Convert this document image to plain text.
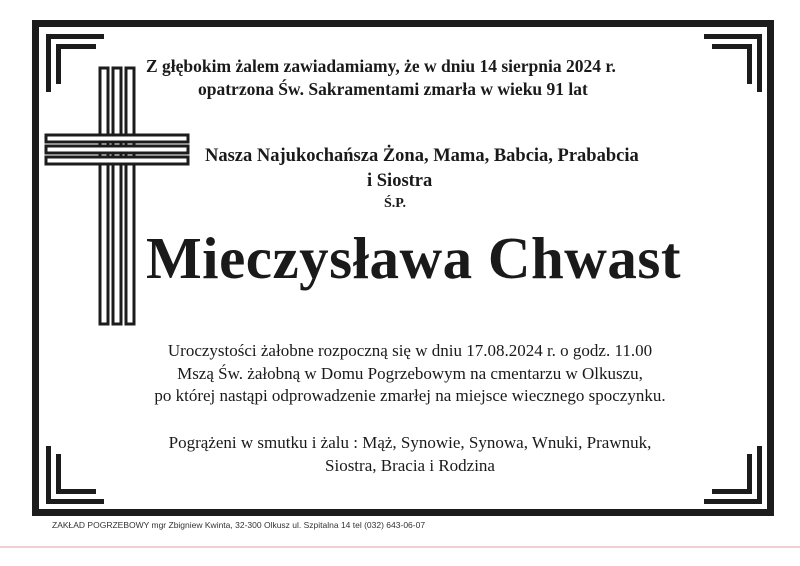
Z głębokim żalem zawiadamiamy, że w dniu 14 sierpnia 2024 r.

opatrzona Św. Sakramentami zmarła w wieku 91 lat

Nasza Najukochańsza Żona, Mama, Babcia, Prababcia

i Siostra

Ś.P.

Mieczysława Chwast
Uroczystości żałobne rozpoczną się w dniu 17.08.2024 r. o godz. 11.00
Mszą Św. żałobną w Domu Pogrzebowym na cmentarzu w Olkuszu,
po której nastąpi odprowadzenie zmarłej na miejsce wiecznego spoczynku.
Pogrążeni w smutku i żalu : Mąż, Synowie, Synowa, Wnuki, Prawnuk,
Siostra, Bracia i Rodzina

ZAKŁAD POGRZEBOWY mgr Zbigniew Kwinta, 32-300 Olkusz ul. Szpitalna 14 tel (032) 643-06-07
